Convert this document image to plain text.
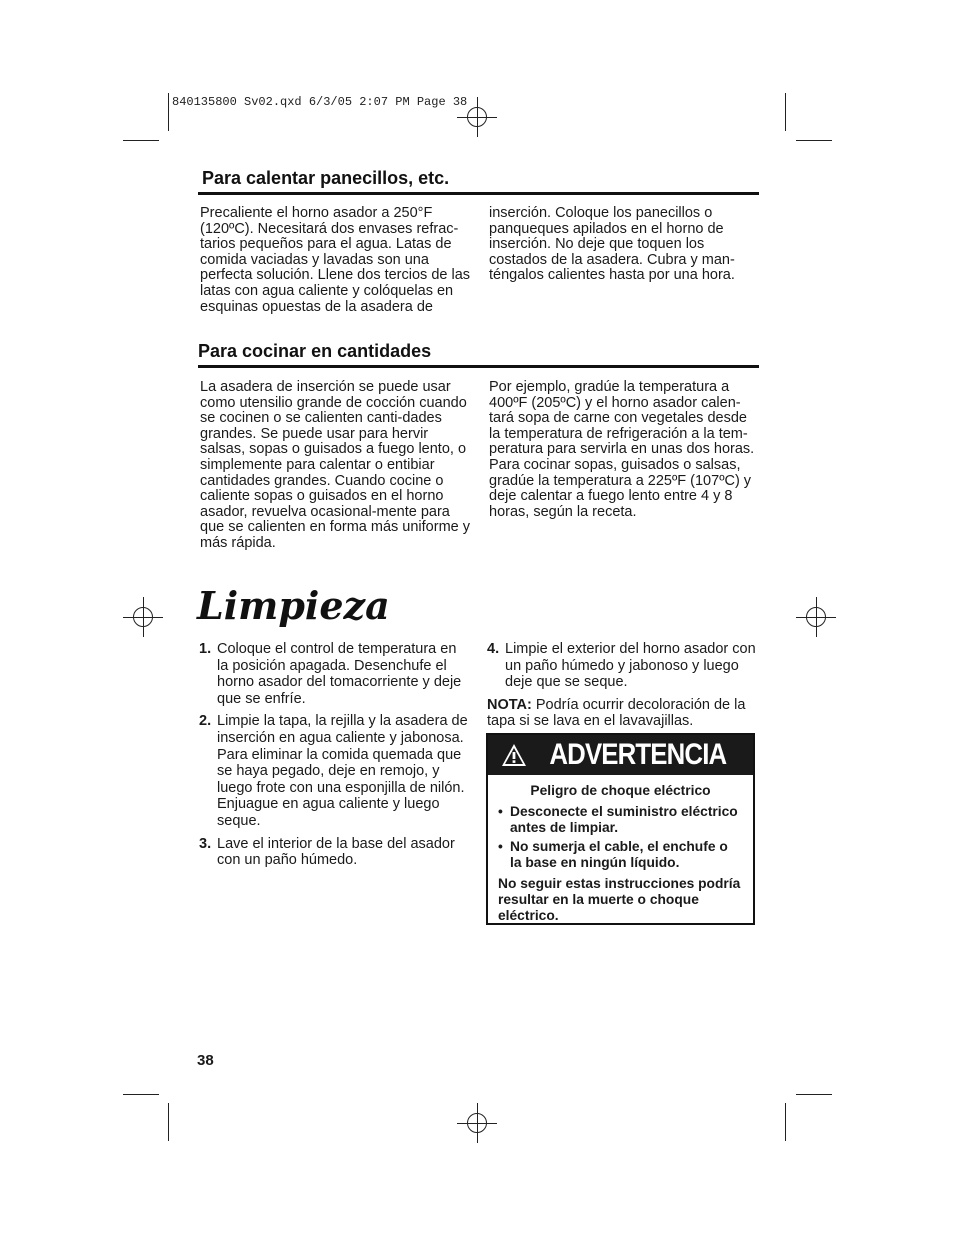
840135800 Sv02.qxd 6/3/05 2:07 PM Page 38
Para calentar panecillos, etc.

Precaliente el horno asador a 250°F (120ºC). Necesitará dos envases refrac-tarios pequeños para el agua. Latas de comida vaciadas y lavadas son una perfecta solución. Llene dos tercios de las latas con agua caliente y colóquelas en esquinas opuestas de la asadera de

inserción. Coloque los panecillos o panqueques apilados en el horno de inserción. No deje que toquen los costados de la asadera. Cubra y man-téngalos calientes hasta por una hora.

Para cocinar en cantidades

La asadera de inserción se puede usar como utensilio grande de cocción cuando se cocinen o se calienten canti-dades grandes. Se puede usar para hervir salsas, sopas o guisados a fuego lento, o simplemente para calentar o entibiar cantidades grandes. Cuando cocine o caliente sopas o guisados en el horno asador, revuelva ocasional-mente para que se calienten en forma más uniforme y más rápida.

Por ejemplo, gradúe la temperatura a 400ºF (205ºC) y el horno asador calen-tará sopa de carne con vegetales desde la temperatura de refrigeración a la tem-peratura para servirla en unas dos horas. Para cocinar sopas, guisados o salsas, gradúe la temperatura a 225ºF (107ºC) y deje calentar a fuego lento entre 4 y 8 horas, según la receta.

Limpieza
1. Coloque el control de temperatura en la posición apagada. Desenchufe el horno asador del tomacorriente y deje que se enfríe.
2. Limpie la tapa, la rejilla y la asadera de inserción en agua caliente y jabonosa. Para eliminar la comida quemada que se haya pegado, deje en remojo, y luego frote con una esponjilla de nilón. Enjuague en agua caliente y luego seque.
3. Lave el interior de la base del asador con un paño húmedo.
4. Limpie el exterior del horno asador con un paño húmedo y jabonoso y luego deje que se seque.

NOTA: Podría ocurrir decoloración de la tapa si se lava en el lavavajillas.

ADVERTENCIA
Peligro de choque eléctrico
• Desconecte el suministro eléctrico antes de limpiar.
• No sumerja el cable, el enchufe o la base en ningún líquido.
No seguir estas instrucciones podría resultar en la muerte o choque eléctrico.
38
